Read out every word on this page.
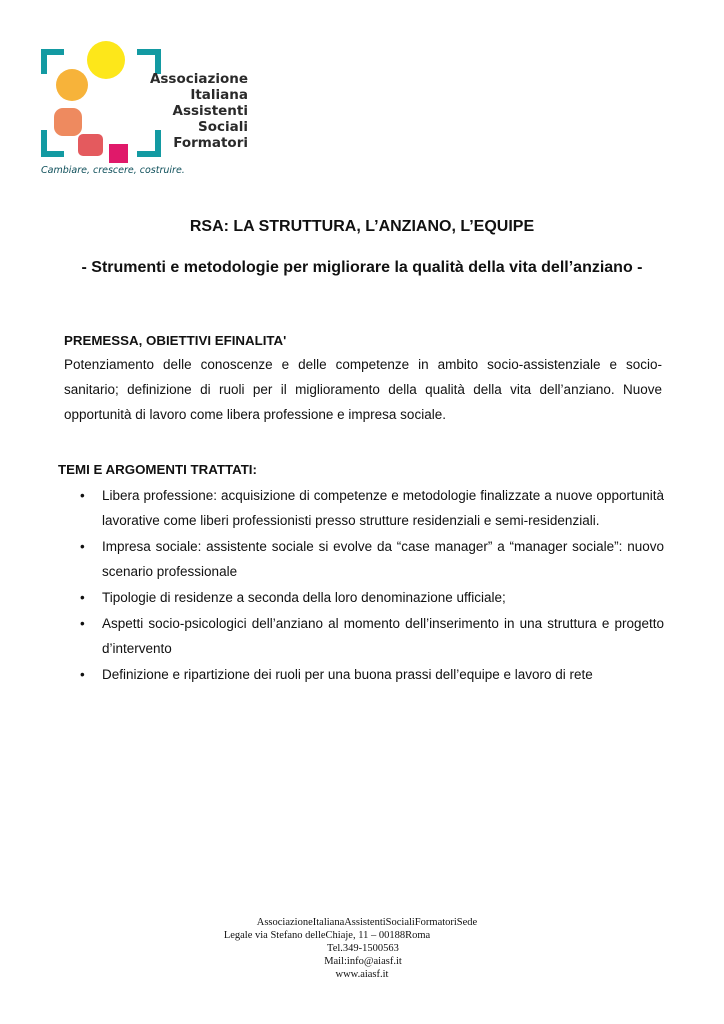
Associazione
Italiana
Assistenti Sociali
Formatori
Cambiare, crescere, costruire.
RSA: LA STRUTTURA, L’ANZIANO, L’EQUIPE
- Strumenti e metodologie per migliorare la qualità della vita dell’anziano -
PREMESSA, OBIETTIVI EFINALITA'
Potenziamento delle conoscenze e delle competenze in ambito socio-assistenziale e socio-sanitario; definizione di ruoli per il miglioramento della qualità della vita dell’anziano. Nuove opportunità di lavoro come libera professione e impresa sociale.
TEMI E ARGOMENTI TRATTATI:
• Libera professione: acquisizione di competenze e metodologie finalizzate a nuove opportunità lavorative come liberi professionisti presso strutture residenziali e semi-residenziali.
• Impresa sociale: assistente sociale si evolve da “case manager” a “manager sociale”: nuovo scenario professionale
• Tipologie di residenze a seconda della loro denominazione ufficiale;
• Aspetti socio-psicologici dell’anziano al momento dell’inserimento in una struttura e progetto d’intervento
• Definizione e ripartizione dei ruoli per una buona prassi dell’equipe e lavoro di rete
AssociazioneItalianaAssistentiSocialiFormatoriSede
Legale via Stefano delleChiaje, 11 – 00188Roma
Tel.349-1500563
Mail:info@aiasf.it
www.aiasf.it
